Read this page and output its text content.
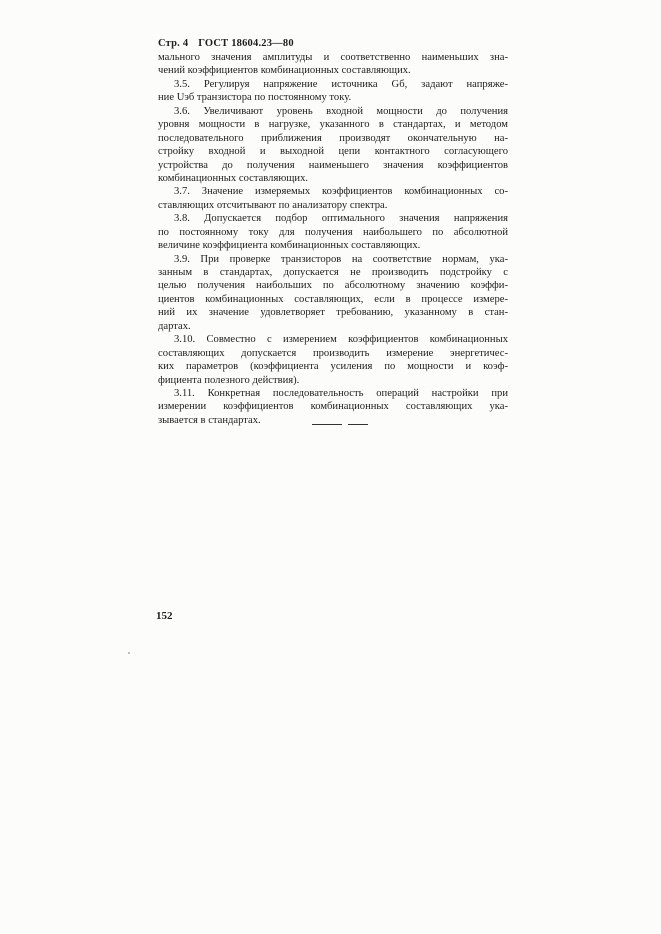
Стр. 4 ГОСТ 18604.23—80
мального значения амплитуды и соответственно наименьших зна-
чений коэффициентов комбинационных составляющих.
3.5. Регулируя напряжение источника Gб, задают напряже-
ние Uэб транзистора по постоянному току.
3.6. Увеличивают уровень входной мощности до получения
уровня мощности в нагрузке, указанного в стандартах, и методом
последовательного приближения производят окончательную на-
стройку входной и выходной цепи контактного согласующего
устройства до получения наименьшего значения коэффициентов
комбинационных составляющих.
3.7. Значение измеряемых коэффициентов комбинационных со-
ставляющих отсчитывают по анализатору спектра.
3.8. Допускается подбор оптимального значения напряжения
по постоянному току для получения наибольшего по абсолютной
величине коэффициента комбинационных составляющих.
3.9. При проверке транзисторов на соответствие нормам, ука-
занным в стандартах, допускается не производить подстройку с
целью получения наибольших по абсолютному значению коэффи-
циентов комбинационных составляющих, если в процессе измере-
ний их значение удовлетворяет требованию, указанному в стан-
дартах.
3.10. Совместно с измерением коэффициентов комбинационных
составляющих допускается производить измерение энергетичес-
ких параметров (коэффициента усиления по мощности и коэф-
фициента полезного действия).
3.11. Конкретная последовательность операций настройки при
измерении коэффициентов комбинационных составляющих ука-
зывается в стандартах.
152
